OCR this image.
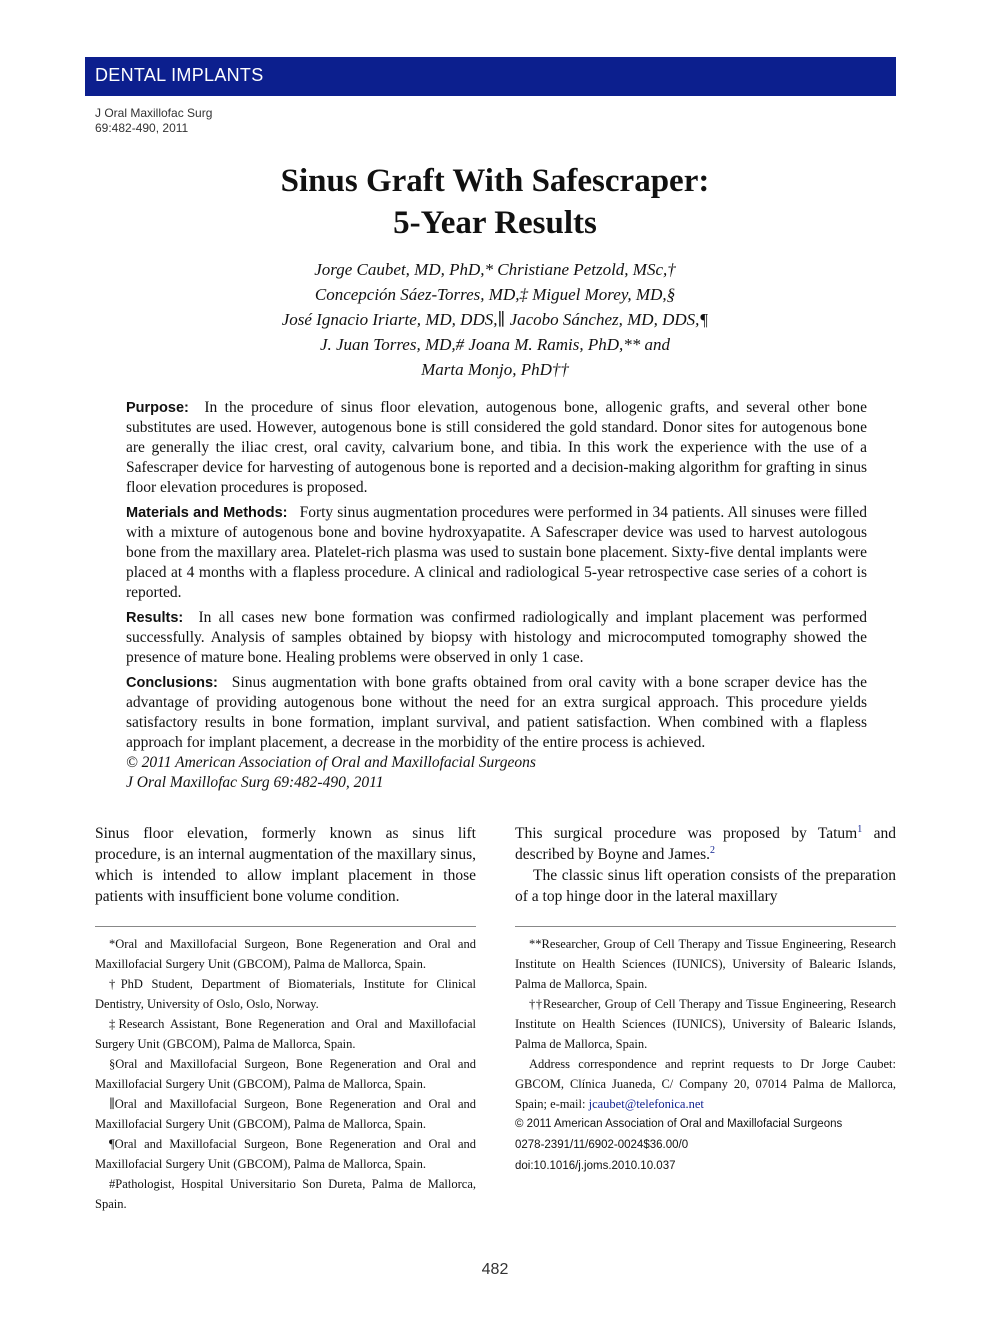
DENTAL IMPLANTS
J Oral Maxillofac Surg
69:482-490, 2011
Sinus Graft With Safescraper:
5-Year Results
Jorge Caubet, MD, PhD,* Christiane Petzold, MSc,†
Concepción Sáez-Torres, MD,‡ Miguel Morey, MD,§
José Ignacio Iriarte, MD, DDS,∥ Jacobo Sánchez, MD, DDS,¶
J. Juan Torres, MD,# Joana M. Ramis, PhD,** and
Marta Monjo, PhD††

Purpose: In the procedure of sinus floor elevation, autogenous bone, allogenic grafts, and several other bone substitutes are used. However, autogenous bone is still considered the gold standard. Donor sites for autogenous bone are generally the iliac crest, oral cavity, calvarium bone, and tibia. In this work the experience with the use of a Safescraper device for harvesting of autogenous bone is reported and a decision-making algorithm for grafting in sinus floor elevation procedures is proposed.

Materials and Methods: Forty sinus augmentation procedures were performed in 34 patients. All sinuses were filled with a mixture of autogenous bone and bovine hydroxyapatite. A Safescraper device was used to harvest autologous bone from the maxillary area. Platelet-rich plasma was used to sustain bone placement. Sixty-five dental implants were placed at 4 months with a flapless procedure. A clinical and radiological 5-year retrospective case series of a cohort is reported.

Results: In all cases new bone formation was confirmed radiologically and implant placement was performed successfully. Analysis of samples obtained by biopsy with histology and microcomputed tomography showed the presence of mature bone. Healing problems were observed in only 1 case.

Conclusions: Sinus augmentation with bone grafts obtained from oral cavity with a bone scraper device has the advantage of providing autogenous bone without the need for an extra surgical approach. This procedure yields satisfactory results in bone formation, implant survival, and patient satisfaction. When combined with a flapless approach for implant placement, a decrease in the morbidity of the entire process is achieved.

© 2011 American Association of Oral and Maxillofacial Surgeons

J Oral Maxillofac Surg 69:482-490, 2011

Sinus floor elevation, formerly known as sinus lift procedure, is an internal augmentation of the maxillary sinus, which is intended to allow implant placement in those patients with insufficient bone volume condition.

This surgical procedure was proposed by Tatum$^1$ and described by Boyne and James.$^2$

The classic sinus lift operation consists of the preparation of a top hinge door in the lateral maxillary

*Oral and Maxillofacial Surgeon, Bone Regeneration and Oral and Maxillofacial Surgery Unit (GBCOM), Palma de Mallorca, Spain.

†PhD Student, Department of Biomaterials, Institute for Clinical Dentistry, University of Oslo, Oslo, Norway.

‡Research Assistant, Bone Regeneration and Oral and Maxillofacial Surgery Unit (GBCOM), Palma de Mallorca, Spain.

§Oral and Maxillofacial Surgeon, Bone Regeneration and Oral and Maxillofacial Surgery Unit (GBCOM), Palma de Mallorca, Spain.

∥Oral and Maxillofacial Surgeon, Bone Regeneration and Oral and Maxillofacial Surgery Unit (GBCOM), Palma de Mallorca, Spain.

¶Oral and Maxillofacial Surgeon, Bone Regeneration and Oral and Maxillofacial Surgery Unit (GBCOM), Palma de Mallorca, Spain.

#Pathologist, Hospital Universitario Son Dureta, Palma de Mallorca, Spain.

**Researcher, Group of Cell Therapy and Tissue Engineering, Research Institute on Health Sciences (IUNICS), University of Balearic Islands, Palma de Mallorca, Spain.

††Researcher, Group of Cell Therapy and Tissue Engineering, Research Institute on Health Sciences (IUNICS), University of Balearic Islands, Palma de Mallorca, Spain.

Address correspondence and reprint requests to Dr Jorge Caubet: GBCOM, Clínica Juaneda, C/ Company 20, 07014 Palma de Mallorca, Spain; e-mail: jcaubet@telefonica.net

© 2011 American Association of Oral and Maxillofacial Surgeons

0278-2391/11/6902-0024$36.00/0

doi:10.1016/j.joms.2010.10.037

482
